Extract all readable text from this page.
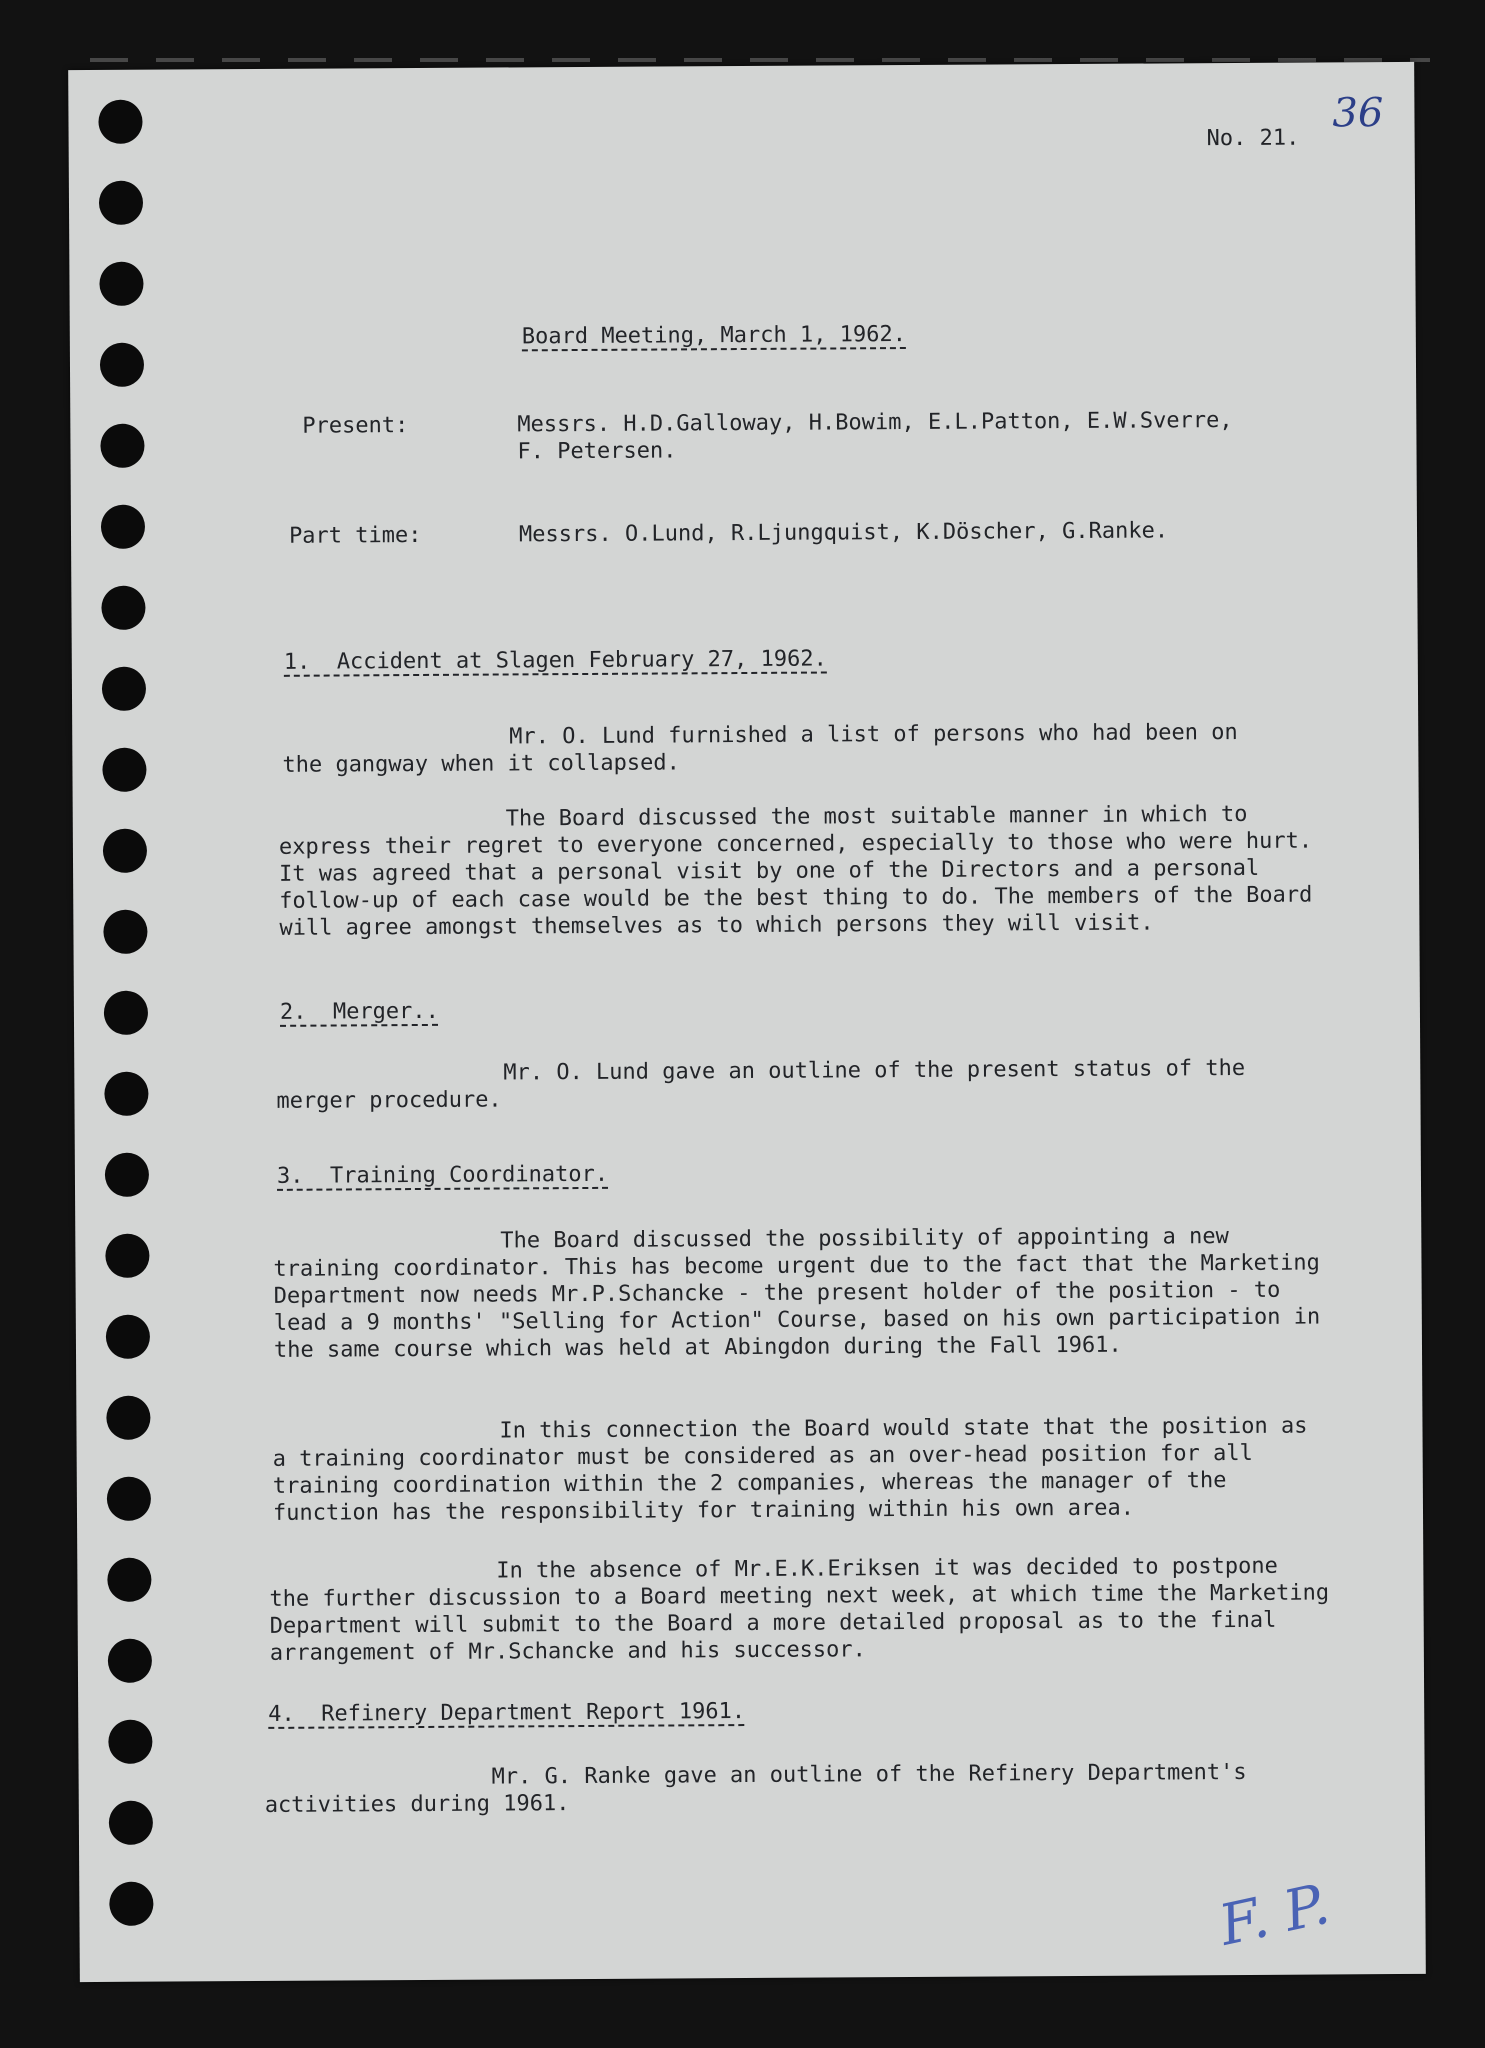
No. 21.
36
Board Meeting, March 1, 1962.
Present:	Messrs. H.D.Galloway, H.Bowim, E.L.Patton, E.W.Sverre,
F. Petersen.
Part time:	Messrs. O.Lund, R.Ljungquist, K.Döscher, G.Ranke.
1.  Accident at Slagen February 27, 1962.
Mr. O. Lund furnished a list of persons who had been on the gangway when it collapsed.
The Board discussed the most suitable manner in which to express their regret to everyone concerned, especially to those who were hurt. It was agreed that a personal visit by one of the Directors and a personal follow-up of each case would be the best thing to do. The members of the Board will agree amongst themselves as to which persons they will visit.
2.  Merger..
Mr. O. Lund gave an outline of the present status of the merger procedure.
3.  Training Coordinator.
The Board discussed the possibility of appointing a new training coordinator. This has become urgent due to the fact that the Marketing Department now needs Mr.P.Schancke - the present holder of the position - to lead a 9 months' "Selling for Action" Course, based on his own participation in the same course which was held at Abingdon during the Fall 1961.
In this connection the Board would state that the position as a training coordinator must be considered as an over-head position for all training coordination within the 2 companies, whereas the manager of the function has the responsibility for training within his own area.
In the absence of Mr.E.K.Eriksen it was decided to postpone the further discussion to a Board meeting next week, at which time the Marketing Department will submit to the Board a more detailed proposal as to the final arrangement of Mr.Schancke and his successor.
4.  Refinery Department Report 1961.
Mr. G. Ranke gave an outline of the Refinery Department's activities during 1961.
F. P.
